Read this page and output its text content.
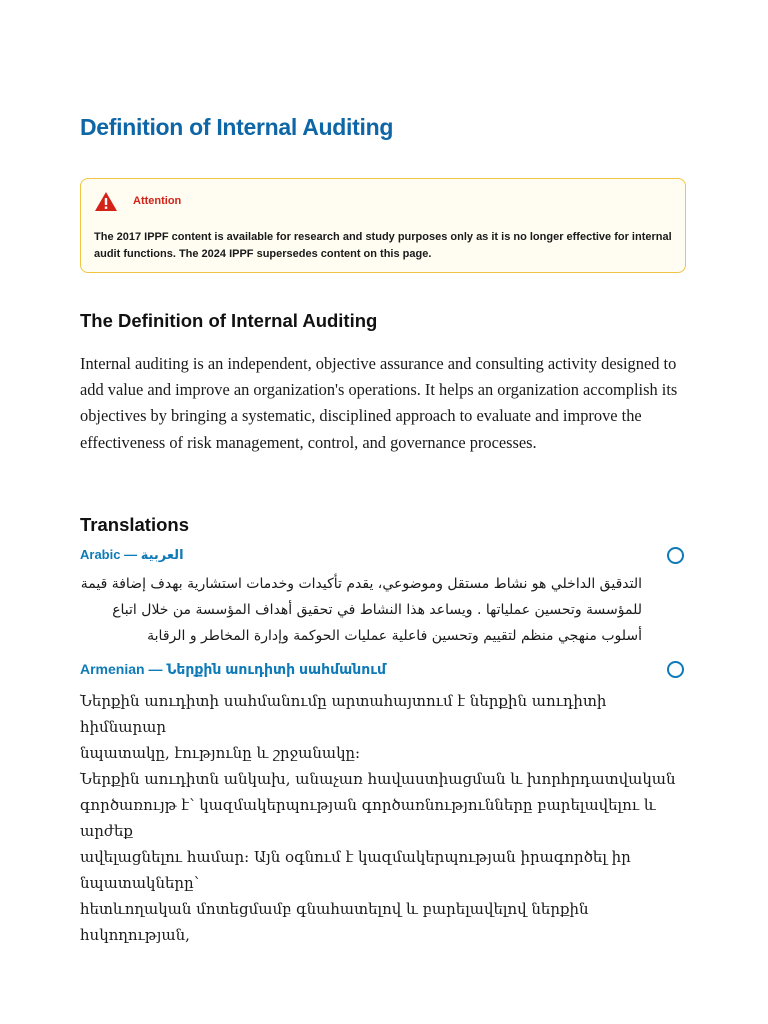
Definition of Internal Auditing
Attention

The 2017 IPPF content is available for research and study purposes only as it is no longer effective for internal audit functions. The 2024 IPPF supersedes content on this page.

The Definition of Internal Auditing

Internal auditing is an independent, objective assurance and consulting activity designed to add value and improve an organization's operations. It helps an organization accomplish its objectives by bringing a systematic, disciplined approach to evaluate and improve the effectiveness of risk management, control, and governance processes.

Translations
Arabic — العربية

التدقيق الداخلي هو نشاط مستقل وموضوعي، يقدم تأكيدات وخدمات استشارية بهدف إضافة قيمة للمؤسسة وتحسين عملياتها . ويساعد هذا النشاط في تحقيق أهداف المؤسسة من خلال اتباع أسلوب منهجي منظم لتقييم وتحسين فاعلية عمليات الحوكمة وإدارة المخاطر و الرقابة

Armenian — Ներքին աուդիտի սահմանում
Ներքին աուդիտի սահմանումը արտահայտում է ներքին աուդիտի հիմնարար
նպատակը, էությունը և շրջանակը:
Ներքին աուդիտն անկախ, անաչառ հավաստիացման և խորհրդատվական
գործառույթ է՝ կազմակերպության գործառնությունները բարելավելու և արժեք
ավելացնելու համար: Այն օգնում է կազմակերպության իրագործել իր նպատակները՝
հետևողական մոտեցմամբ գնահատելով և բարելավելով ներքին հսկողության,
